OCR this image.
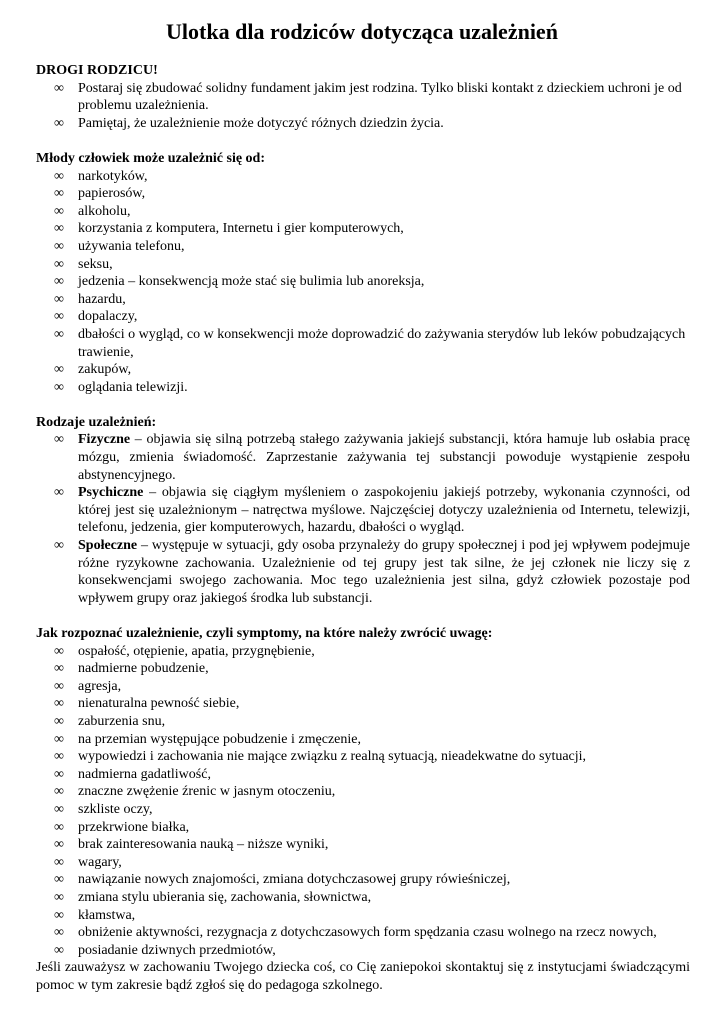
Ulotka dla rodziców dotycząca uzależnień

DROGI RODZICU!

∞	Postaraj się zbudować solidny fundament jakim jest rodzina. Tylko bliski kontakt z dzieckiem uchroni je od problemu uzależnienia.
∞	Pamiętaj, że uzależnienie może dotyczyć różnych dziedzin życia.

Młody człowiek może uzależnić się od:

∞	narkotyków,
∞	papierosów,
∞	alkoholu,
∞	korzystania z komputera, Internetu i gier komputerowych,
∞	używania telefonu,
∞	seksu,
∞	jedzenia – konsekwencją może stać się bulimia lub anoreksja,
∞	hazardu,
∞	dopalaczy,
∞	dbałości o wygląd, co w konsekwencji może doprowadzić do zażywania sterydów lub leków pobudzających trawienie,
∞	zakupów,
∞	oglądania telewizji.

Rodzaje uzależnień:

∞	Fizyczne – objawia się silną potrzebą stałego zażywania jakiejś substancji, która hamuje lub osłabia pracę mózgu, zmienia świadomość. Zaprzestanie zażywania tej substancji powoduje wystąpienie zespołu abstynencyjnego.
∞	Psychiczne – objawia się ciągłym myśleniem o zaspokojeniu jakiejś potrzeby, wykonania czynności, od której jest się uzależnionym – natręctwa myślowe. Najczęściej dotyczy uzależnienia od Internetu, telewizji, telefonu, jedzenia, gier komputerowych, hazardu, dbałości o wygląd.
∞	Społeczne – występuje w sytuacji, gdy osoba przynależy do grupy społecznej i pod jej wpływem podejmuje różne ryzykowne zachowania. Uzależnienie od tej grupy jest tak silne, że jej członek nie liczy się z konsekwencjami swojego zachowania. Moc tego uzależnienia jest silna, gdyż człowiek pozostaje pod wpływem grupy oraz jakiegoś środka lub substancji.

Jak rozpoznać uzależnienie, czyli symptomy, na które należy zwrócić uwagę:

∞	ospałość, otępienie, apatia, przygnębienie,
∞	nadmierne pobudzenie,
∞	agresja,
∞	nienaturalna pewność siebie,
∞	zaburzenia snu,
∞	na przemian występujące pobudzenie i zmęczenie,
∞	wypowiedzi i zachowania nie mające związku z realną sytuacją, nieadekwatne do sytuacji,
∞	nadmierna gadatliwość,
∞	znaczne zwężenie źrenic w jasnym otoczeniu,
∞	szkliste oczy,
∞	przekrwione białka,
∞	brak zainteresowania nauką – niższe wyniki,
∞	wagary,
∞	nawiązanie nowych znajomości, zmiana dotychczasowej grupy rówieśniczej,
∞	zmiana stylu ubierania się, zachowania, słownictwa,
∞	kłamstwa,
∞	obniżenie aktywności, rezygnacja z dotychczasowych form spędzania czasu wolnego na rzecz nowych,
∞	posiadanie dziwnych przedmiotów,

Jeśli zauważysz w zachowaniu Twojego dziecka coś, co Cię zaniepokoi skontaktuj się z instytucjami świadczącymi pomoc w tym zakresie bądź zgłoś się do pedagoga szkolnego.
